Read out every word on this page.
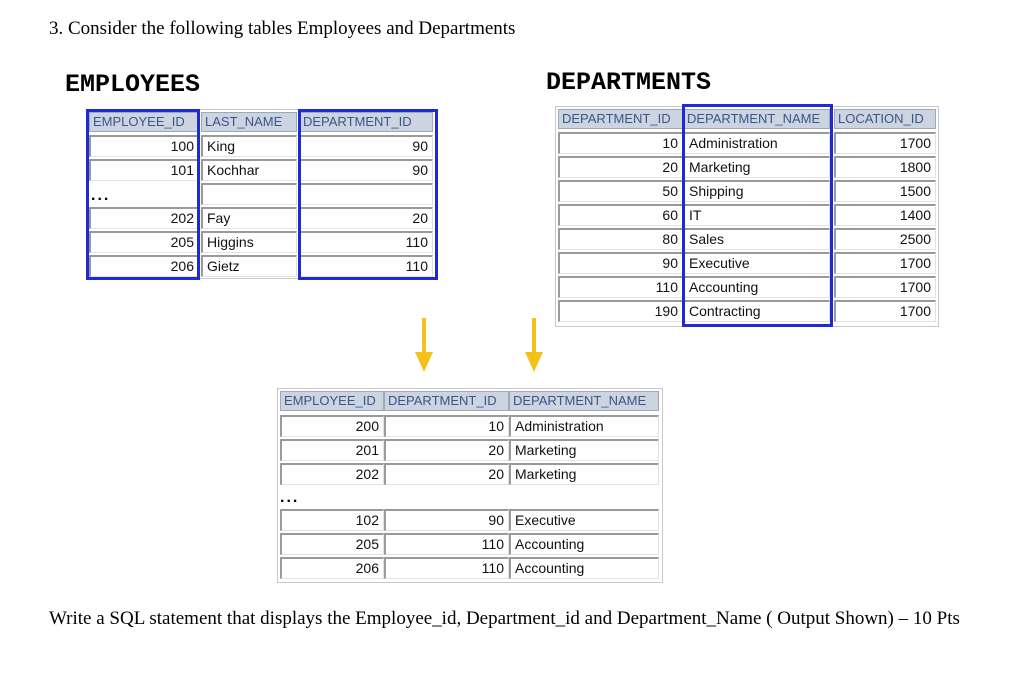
3. Consider the following tables Employees and Departments
EMPLOYEES
EMPLOYEE_ID	LAST_NAME	DEPARTMENT_ID
100 King	90
101 Kochhar	90
202 Fay	20
205 Higgins	110
206 Gietz	110
...
DEPARTMENTS
DEPARTMENT_ID	DEPARTMENT_NAME	LOCATION_ID
10 Administration	1700
20 Marketing	1800
50 Shipping	1500
60 IT	1400
80 Sales	2500
90 Executive	1700
110 Accounting	1700
190 Contracting	1700
EMPLOYEE_ID DEPARTMENT_ID	DEPARTMENT_NAME
200	10 Administration
201	20 Marketing
202	20 Marketing
...
102	90 Executive
205	110 Accounting
206	110 Accounting
Write a SQL statement that displays the Employee_id, Department_id and Department_Name ( Output Shown) – 10 Pts
